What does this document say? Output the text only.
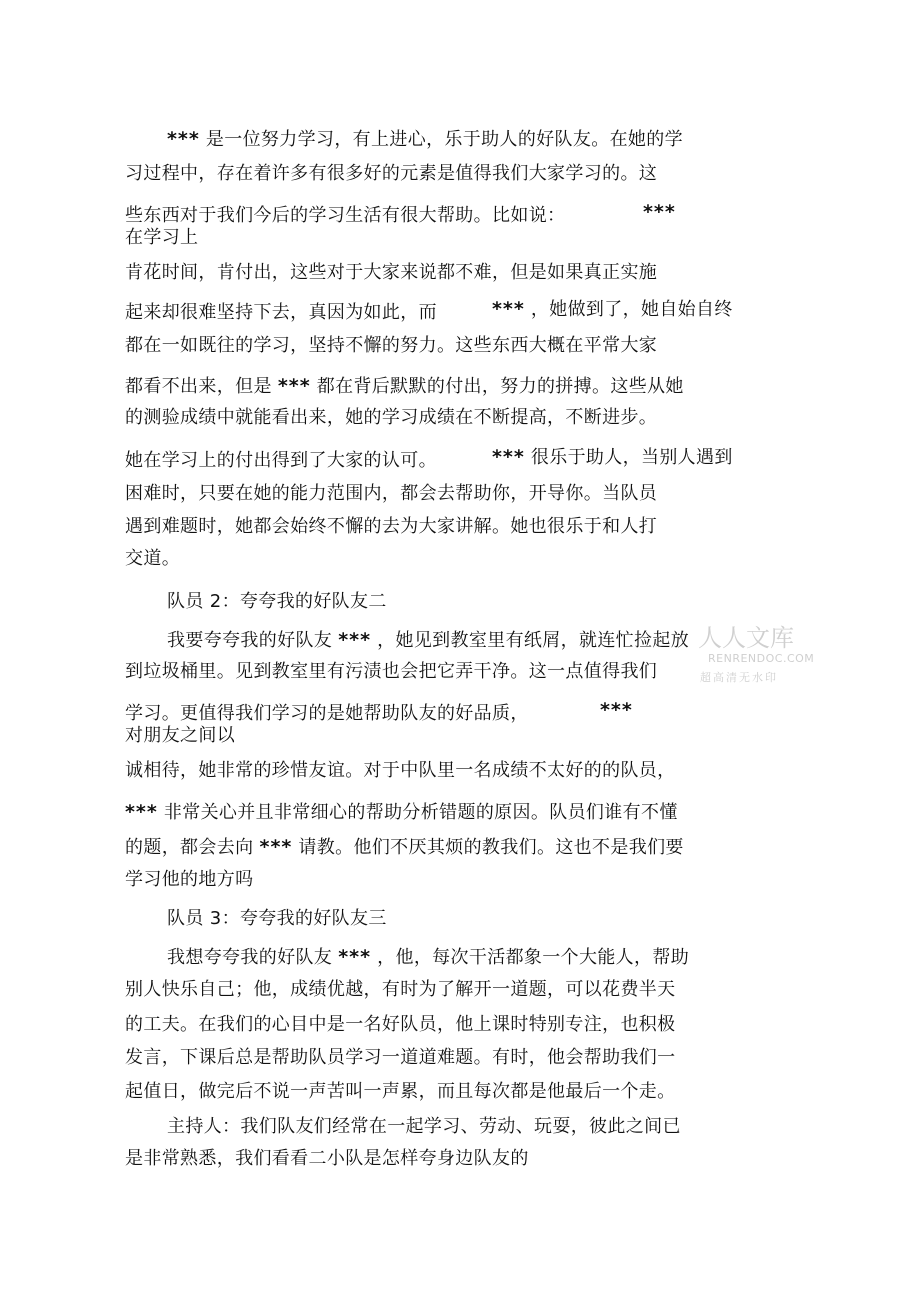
*** 是一位努力学习，有上进心，乐于助人的好队友。在她的学
习过程中，存在着许多有很多好的元素是值得我们大家学习的。这
些东西对于我们今后的学习生活有很大帮助。比如说：	***
在学习上
肯花时间，肯付出，这些对于大家来说都不难，但是如果真正实施
起来却很难坚持下去，真因为如此，而	*** ，她做到了，她自始自终
都在一如既往的学习，坚持不懈的努力。这些东西大概在平常大家
都看不出来，但是 *** 都在背后默默的付出，努力的拼搏。这些从她
的测验成绩中就能看出来，她的学习成绩在不断提高，不断进步。
她在学习上的付出得到了大家的认可。	*** 很乐于助人，当别人遇到
困难时，只要在她的能力范围内，都会去帮助你，开导你。当队员
遇到难题时，她都会始终不懈的去为大家讲解。她也很乐于和人打
交道。
队员 2：夸夸我的好队友二
我要夸夸我的好队友 *** ，她见到教室里有纸屑，就连忙捡起放
到垃圾桶里。见到教室里有污渍也会把它弄干净。这一点值得我们
学习。更值得我们学习的是她帮助队友的好品质，	***
对朋友之间以
诚相待，她非常的珍惜友谊。对于中队里一名成绩不太好的的队员，
*** 非常关心并且非常细心的帮助分析错题的原因。队员们谁有不懂
的题，都会去向 *** 请教。他们不厌其烦的教我们。这也不是我们要
学习他的地方吗
队员 3：夸夸我的好队友三
我想夸夸我的好队友 *** ，他，每次干活都象一个大能人，帮助
别人快乐自己；他，成绩优越，有时为了解开一道题，可以花费半天
的工夫。在我们的心目中是一名好队员，他上课时特别专注，也积极
发言，下课后总是帮助队员学习一道道难题。有时，他会帮助我们一
起值日，做完后不说一声苦叫一声累，而且每次都是他最后一个走。
主持人：我们队友们经常在一起学习、劳动、玩耍，彼此之间已
是非常熟悉，我们看看二小队是怎样夸身边队友的
人人文库
RENRENDOC.COM
超高清无水印
